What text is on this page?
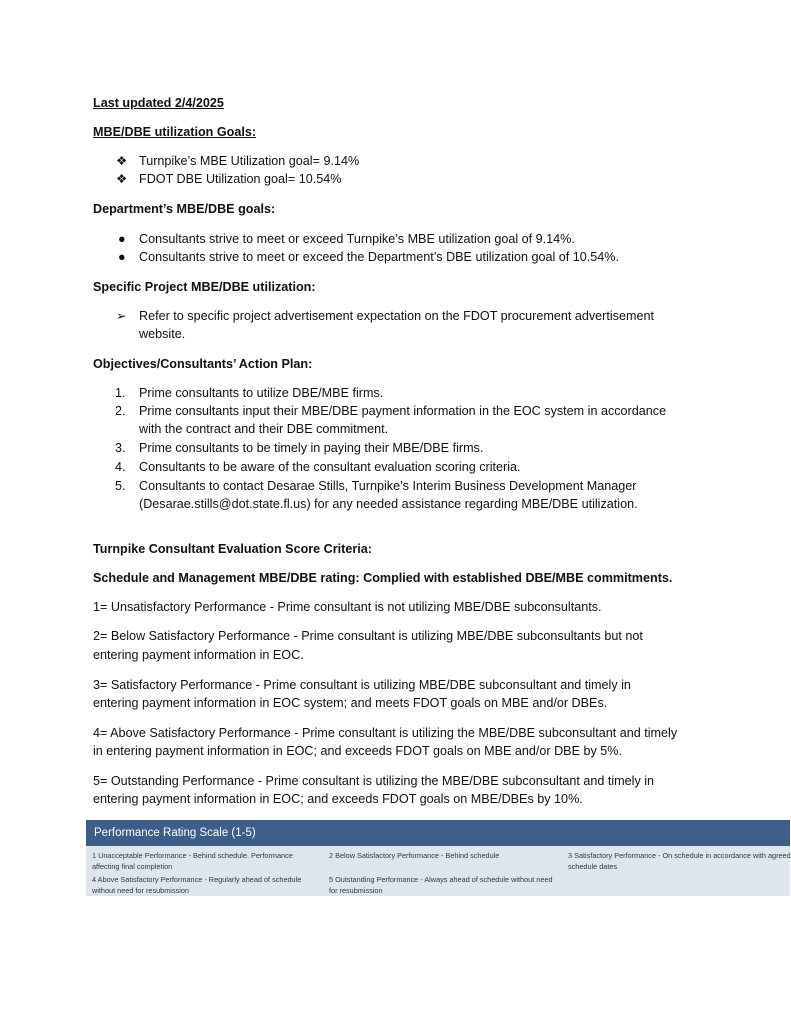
Last updated 2/4/2025
MBE/DBE utilization Goals:
❖ Turnpike’s MBE Utilization goal= 9.14%
❖ FDOT DBE Utilization goal= 10.54%
Department’s MBE/DBE goals:
● Consultants strive to meet or exceed Turnpike’s MBE utilization goal of 9.14%.
● Consultants strive to meet or exceed the Department’s DBE utilization goal of 10.54%.
Specific Project MBE/DBE utilization:
➢ Refer to specific project advertisement expectation on the FDOT procurement advertisement
website.
Objectives/Consultants’ Action Plan:
1. Prime consultants to utilize DBE/MBE firms.
2. Prime consultants input their MBE/DBE payment information in the EOC system in accordance
with the contract and their DBE commitment.
3. Prime consultants to be timely in paying their MBE/DBE firms.
4. Consultants to be aware of the consultant evaluation scoring criteria.
5. Consultants to contact Desarae Stills, Turnpike’s Interim Business Development Manager
(Desarae.stills@dot.state.fl.us) for any needed assistance regarding MBE/DBE utilization.
Turnpike Consultant Evaluation Score Criteria:
Schedule and Management MBE/DBE rating: Complied with established DBE/MBE commitments.
1= Unsatisfactory Performance - Prime consultant is not utilizing MBE/DBE subconsultants.
2= Below Satisfactory Performance - Prime consultant is utilizing MBE/DBE subconsultants but not
entering payment information in EOC.
3= Satisfactory Performance - Prime consultant is utilizing MBE/DBE subconsultant and timely in
entering payment information in EOC system; and meets FDOT goals on MBE and/or DBEs.
4= Above Satisfactory Performance - Prime consultant is utilizing the MBE/DBE subconsultant and timely
in entering payment information in EOC; and exceeds FDOT goals on MBE and/or DBE by 5%.
5= Outstanding Performance - Prime consultant is utilizing the MBE/DBE subconsultant and timely in
entering payment information in EOC; and exceeds FDOT goals on MBE/DBEs by 10%.
Performance Rating Scale (1-5)
1 Unacceptable Performance - Behind schedule. Performance
affecting final completion
2 Below Satisfactory Performance - Behind schedule	3 Satisfactory Performance - On schedule in accordance with agreed
schedule dates
4 Above Satisfactory Performance - Regularly ahead of schedule
without need for resubmission
5 Outstanding Performance - Always ahead of schedule without need
for resubmission
